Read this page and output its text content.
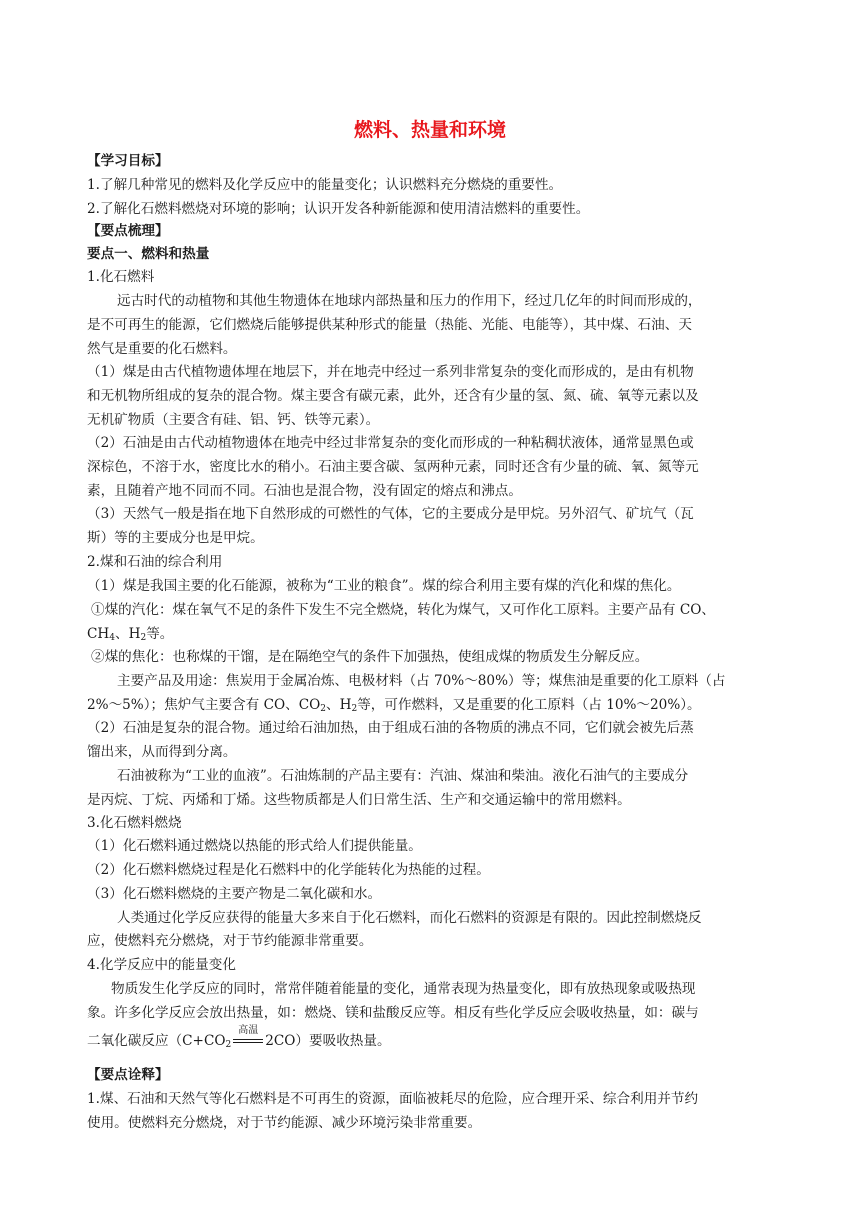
燃料、热量和环境
【学习目标】
1.了解几种常见的燃料及化学反应中的能量变化；认识燃料充分燃烧的重要性。
2.了解化石燃料燃烧对环境的影响；认识开发各种新能源和使用清洁燃料的重要性。
【要点梳理】
要点一、燃料和热量
1.化石燃料
远古时代的动植物和其他生物遗体在地球内部热量和压力的作用下，经过几亿年的时间而形成的，
是不可再生的能源，它们燃烧后能够提供某种形式的能量（热能、光能、电能等），其中煤、石油、天
然气是重要的化石燃料。
（1）煤是由古代植物遗体埋在地层下，并在地壳中经过一系列非常复杂的变化而形成的，是由有机物
和无机物所组成的复杂的混合物。煤主要含有碳元素，此外，还含有少量的氢、氮、硫、氧等元素以及
无机矿物质（主要含有硅、铝、钙、铁等元素）。
（2）石油是由古代动植物遗体在地壳中经过非常复杂的变化而形成的一种粘稠状液体，通常显黑色或
深棕色，不溶于水，密度比水的稍小。石油主要含碳、氢两种元素，同时还含有少量的硫、氧、氮等元
素，且随着产地不同而不同。石油也是混合物，没有固定的熔点和沸点。
（3）天然气一般是指在地下自然形成的可燃性的气体，它的主要成分是甲烷。另外沼气、矿坑气（瓦
斯）等的主要成分也是甲烷。
2.煤和石油的综合利用
（1）煤是我国主要的化石能源，被称为“工业的粮食”。煤的综合利用主要有煤的汽化和煤的焦化。
①煤的汽化：煤在氧气不足的条件下发生不完全燃烧，转化为煤气，又可作化工原料。主要产品有 CO、
$CH_4$、$H_2$等。
②煤的焦化：也称煤的干馏，是在隔绝空气的条件下加强热，使组成煤的物质发生分解反应。
主要产品及用途：焦炭用于金属冶炼、电极材料（占 70%～80%）等；煤焦油是重要的化工原料（占
2%～5%）；焦炉气主要含有 CO、$CO_2$、$H_2$等，可作燃料，又是重要的化工原料（占 10%～20%）。
（2）石油是复杂的混合物。通过给石油加热，由于组成石油的各物质的沸点不同，它们就会被先后蒸
馏出来，从而得到分离。
石油被称为“工业的血液”。石油炼制的产品主要有：汽油、煤油和柴油。液化石油气的主要成分
是丙烷、丁烷、丙烯和丁烯。这些物质都是人们日常生活、生产和交通运输中的常用燃料。
3.化石燃料燃烧
（1）化石燃料通过燃烧以热能的形式给人们提供能量。
（2）化石燃料燃烧过程是化石燃料中的化学能转化为热能的过程。
（3）化石燃料燃烧的主要产物是二氧化碳和水。
人类通过化学反应获得的能量大多来自于化石燃料，而化石燃料的资源是有限的。因此控制燃烧反
应，使燃料充分燃烧，对于节约能源非常重要。
4.化学反应中的能量变化
物质发生化学反应的同时，常常伴随着能量的变化，通常表现为热量变化，即有放热现象或吸热现
象。许多化学反应会放出热量，如：燃烧、镁和盐酸反应等。相反有些化学反应会吸收热量，如：碳与
二氧化碳反应（$C+CO_2$
高温
2CO）要吸收热量。
【要点诠释】
1.煤、石油和天然气等化石燃料是不可再生的资源，面临被耗尽的危险，应合理开采、综合利用并节约
使用。使燃料充分燃烧，对于节约能源、减少环境污染非常重要。
